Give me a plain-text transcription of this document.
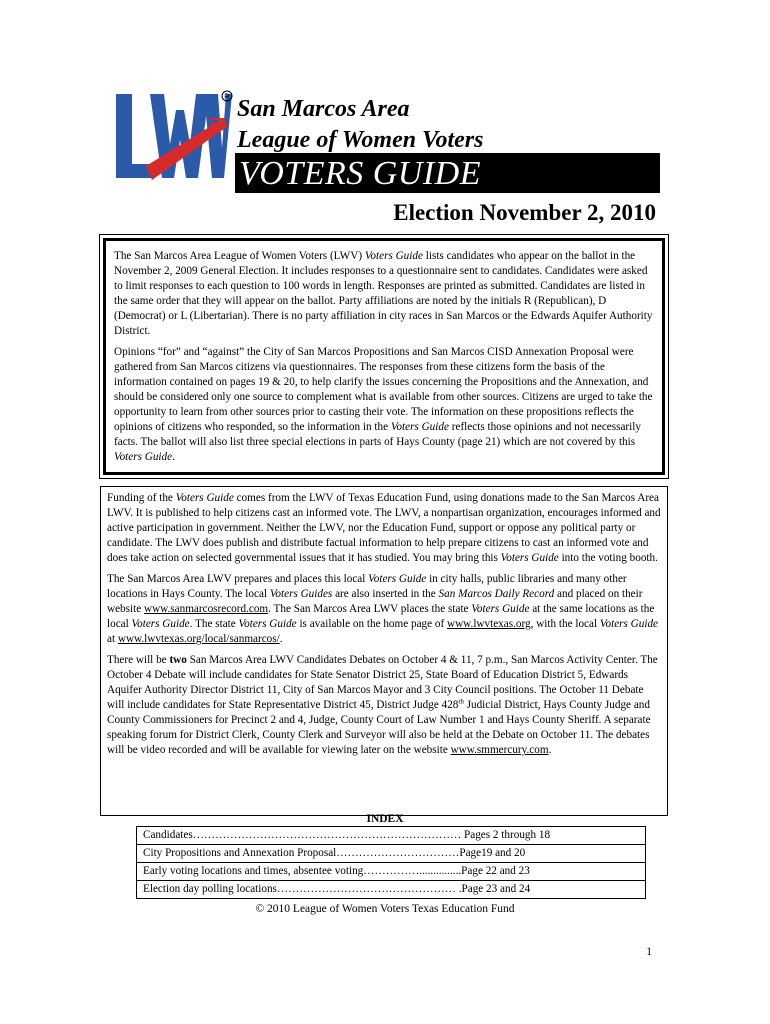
R San Marcos Area
League of Women Voters
VOTERS GUIDE
Election November 2, 2010

The San Marcos Area League of Women Voters (LWV) Voters Guide lists candidates who appear on the ballot in the November 2, 2009 General Election. It includes responses to a questionnaire sent to candidates. Candidates were asked to limit responses to each question to 100 words in length. Responses are printed as submitted. Candidates are listed in the same order that they will appear on the ballot. Party affiliations are noted by the initials R (Republican), D (Democrat) or L (Libertarian). There is no party affiliation in city races in San Marcos or the Edwards Aquifer Authority District.

Opinions “for” and “against” the City of San Marcos Propositions and San Marcos CISD Annexation Proposal were gathered from San Marcos citizens via questionnaires. The responses from these citizens form the basis of the information contained on pages 19 & 20, to help clarify the issues concerning the Propositions and the Annexation, and should be considered only one source to complement what is available from other sources. Citizens are urged to take the opportunity to learn from other sources prior to casting their vote. The information on these propositions reflects the opinions of citizens who responded, so the information in the Voters Guide reflects those opinions and not necessarily facts. The ballot will also list three special elections in parts of Hays County (page 21) which are not covered by this Voters Guide.

Funding of the Voters Guide comes from the LWV of Texas Education Fund, using donations made to the San Marcos Area LWV. It is published to help citizens cast an informed vote. The LWV, a nonpartisan organization, encourages informed and active participation in government. Neither the LWV, nor the Education Fund, support or oppose any political party or candidate. The LWV does publish and distribute factual information to help prepare citizens to cast an informed vote and does take action on selected governmental issues that it has studied. You may bring this Voters Guide into the voting booth.

The San Marcos Area LWV prepares and places this local Voters Guide in city halls, public libraries and many other locations in Hays County. The local Voters Guides are also inserted in the San Marcos Daily Record and placed on their website www.sanmarcosrecord.com. The San Marcos Area LWV places the state Voters Guide at the same locations as the local Voters Guide. The state Voters Guide is available on the home page of www.lwvtexas.org, with the local Voters Guide at www.lwvtexas.org/local/sanmarcos/.

There will be two San Marcos Area LWV Candidates Debates on October 4 & 11, 7 p.m., San Marcos Activity Center. The October 4 Debate will include candidates for State Senator District 25, State Board of Education District 5, Edwards Aquifer Authority Director District 11, City of San Marcos Mayor and 3 City Council positions. The October 11 Debate will include candidates for State Representative District 45, District Judge 428th Judicial District, Hays County Judge and County Commissioners for Precinct 2 and 4, Judge, County Court of Law Number 1 and Hays County Sheriff. A separate speaking forum for District Clerk, County Clerk and Surveyor will also be held at the Debate on October 11. The debates will be video recorded and will be available for viewing later on the website www.smmercury.com.

INDEX
Candidates……………………………………………………………… Pages 2 through 18
City Propositions and Annexation Proposal……………………………Page19 and 20
Early voting locations and times, absentee voting……………...............Page 22 and 23
Election day polling locations………………………………………… .Page 23 and 24
© 2010 League of Women Voters Texas Education Fund
1
